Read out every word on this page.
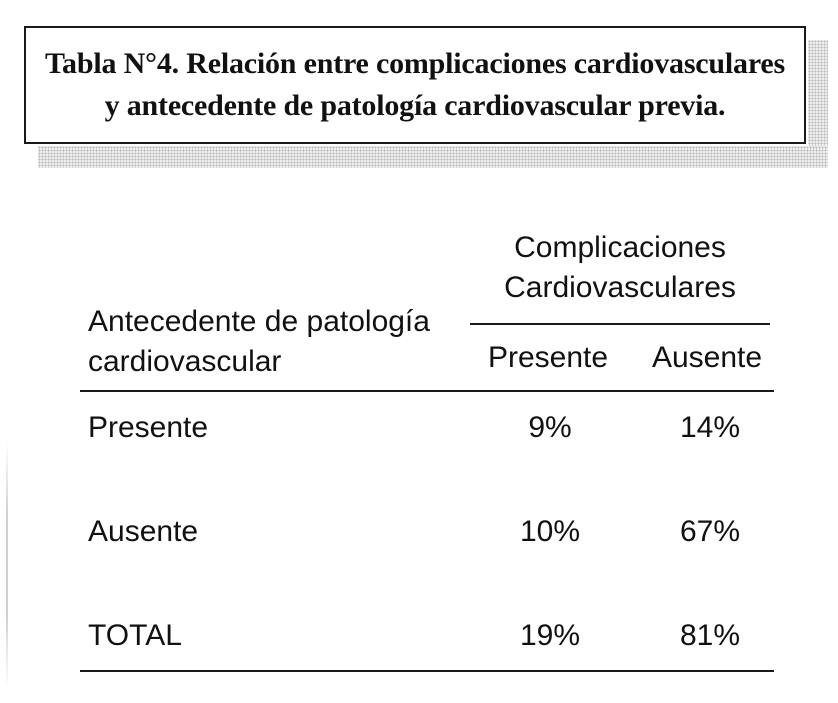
Tabla N°4. Relación entre complicaciones cardiovasculares
y antecedente de patología cardiovascular previa.
Complicaciones
Cardiovasculares
Antecedente de patología
cardiovascular	Presente	Ausente
Presente	9%	14%
Ausente	10%	67%
TOTAL	19%	81%
